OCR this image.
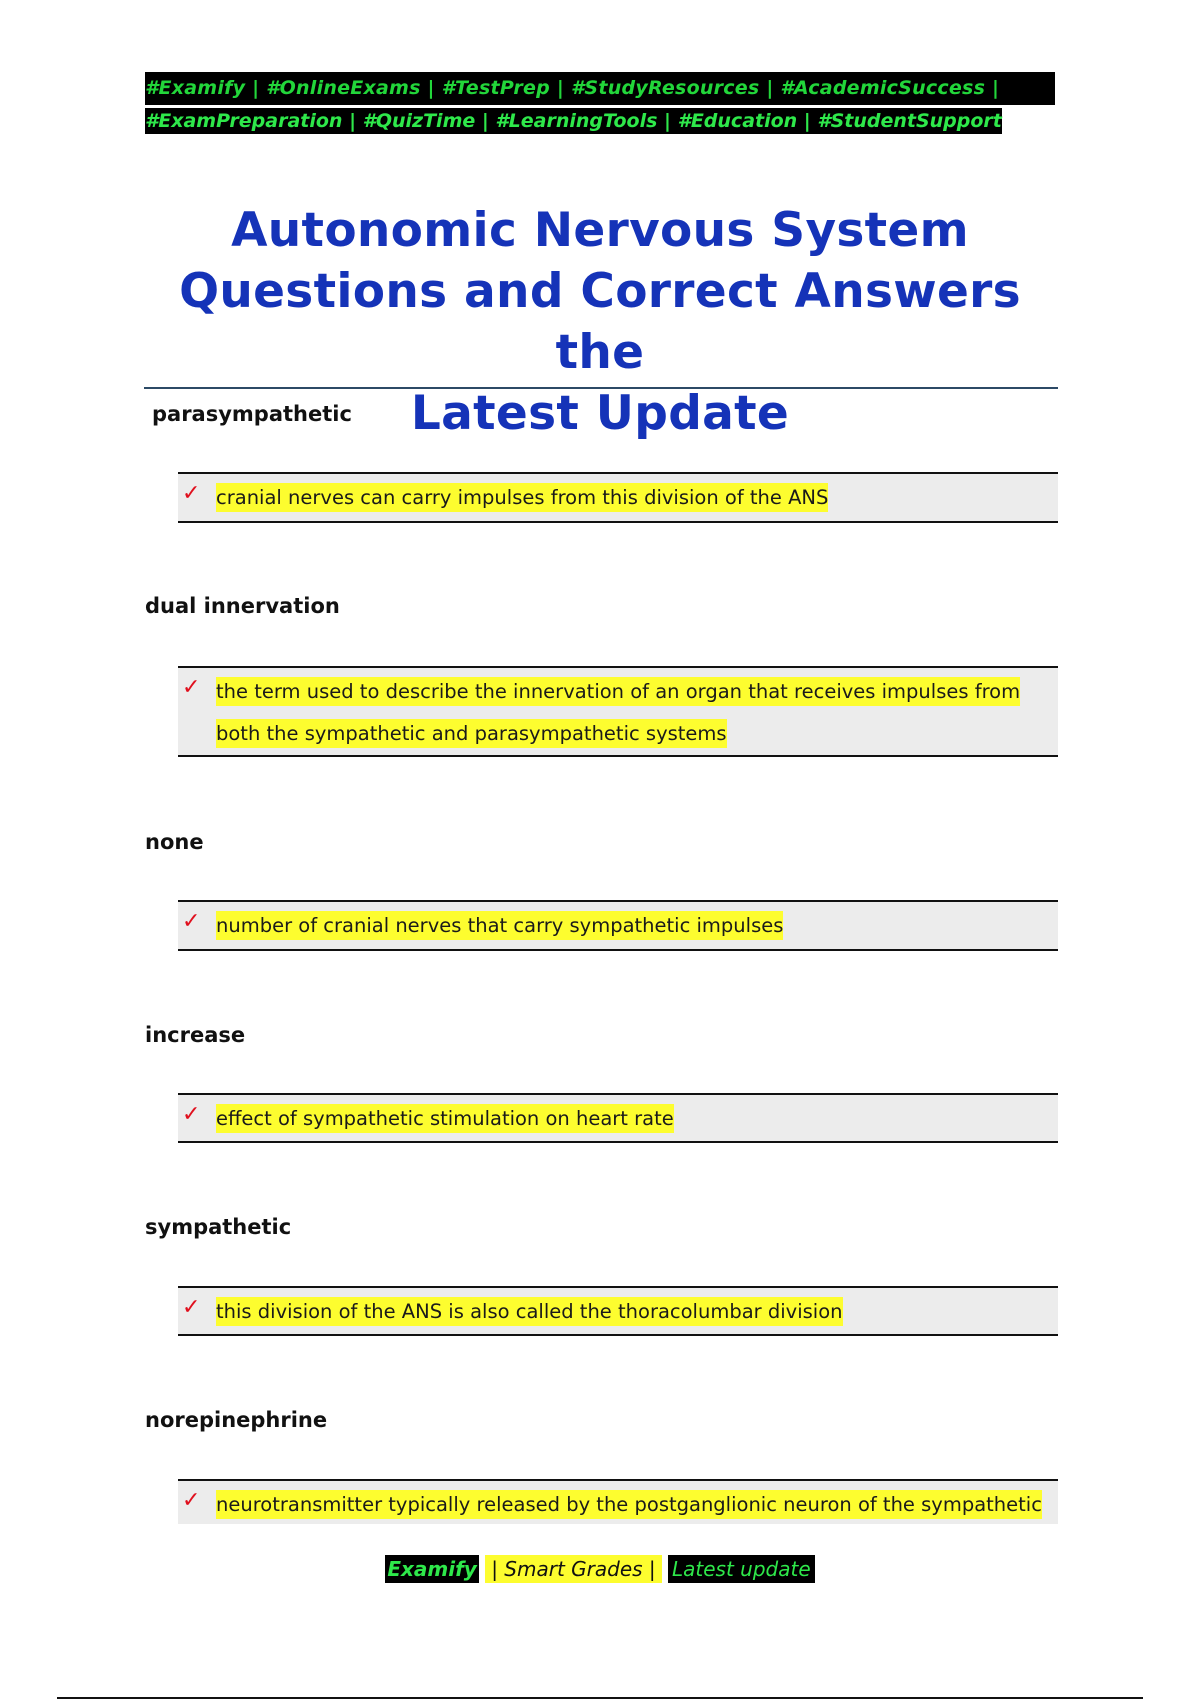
#Examify | #OnlineExams | #TestPrep | #StudyResources | #AcademicSuccess |
#ExamPreparation | #QuizTime | #LearningTools | #Education | #StudentSupport
Autonomic Nervous System
Questions and Correct Answers the
Latest Update
parasympathetic
✓ cranial nerves can carry impulses from this division of the ANS
dual innervation
✓ the term used to describe the innervation of an organ that receives impulses from both the sympathetic and parasympathetic systems
none
✓ number of cranial nerves that carry sympathetic impulses
increase
✓ effect of sympathetic stimulation on heart rate
sympathetic
✓ this division of the ANS is also called the thoracolumbar division
norepinephrine
✓ neurotransmitter typically released by the postganglionic neuron of the sympathetic
Examify | Smart Grades | Latest update
